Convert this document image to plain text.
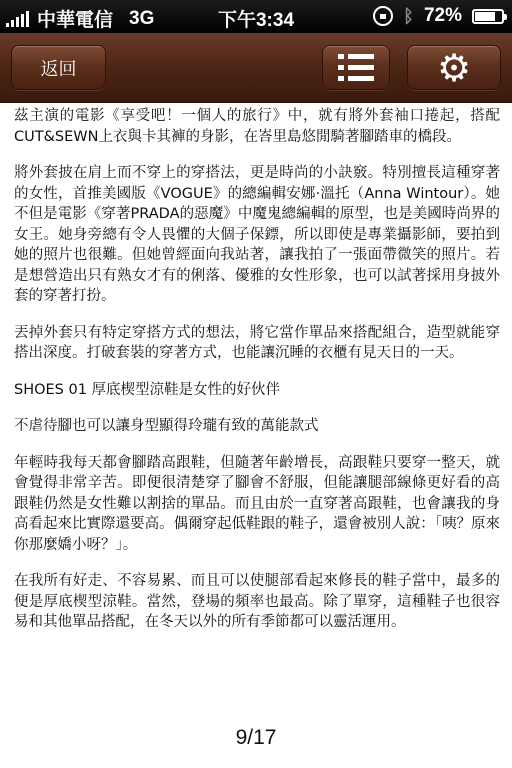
中華電信 3G	下午3:34	ᛒ 72%
返回	⚙

茲主演的電影《享受吧！一個人的旅行》中，就有將外套袖口捲起，搭配CUT&SEWN上衣與卡其褲的身影，在峇里島悠閒騎著腳踏車的橋段。

將外套披在肩上而不穿上的穿搭法，更是時尚的小訣竅。特別擅長這種穿著的女性，首推美國版《VOGUE》的總編輯安娜·溫托（Anna Wintour）。她不但是電影《穿著PRADA的惡魔》中魔鬼總編輯的原型，也是美國時尚界的女王。她身旁總有令人畏懼的大個子保鏢，所以即使是專業攝影師，要拍到她的照片也很難。但她曾經面向我站著，讓我拍了一張面帶微笑的照片。若是想營造出只有熟女才有的俐落、優雅的女性形象，也可以試著採用身披外套的穿著打扮。

丟掉外套只有特定穿搭方式的想法，將它當作單品來搭配組合，造型就能穿搭出深度。打破套裝的穿著方式，也能讓沉睡的衣櫃有見天日的一天。

SHOES 01 厚底楔型涼鞋是女性的好伙伴

不虐待腳也可以讓身型顯得玲瓏有致的萬能款式

年輕時我每天都會腳踏高跟鞋，但隨著年齡增長，高跟鞋只要穿一整天，就會覺得非常辛苦。即便很清楚穿了腳會不舒服，但能讓腿部線條更好看的高跟鞋仍然是女性難以割捨的單品。而且由於一直穿著高跟鞋，也會讓我的身高看起來比實際還要高。偶爾穿起低鞋跟的鞋子，還會被別人說：「咦？原來你那麼嬌小呀？」。

在我所有好走、不容易累、而且可以使腿部看起來修長的鞋子當中，最多的便是厚底楔型涼鞋。當然，登場的頻率也最高。除了單穿，這種鞋子也很容易和其他單品搭配，在冬天以外的所有季節都可以靈活運用。

9/17
